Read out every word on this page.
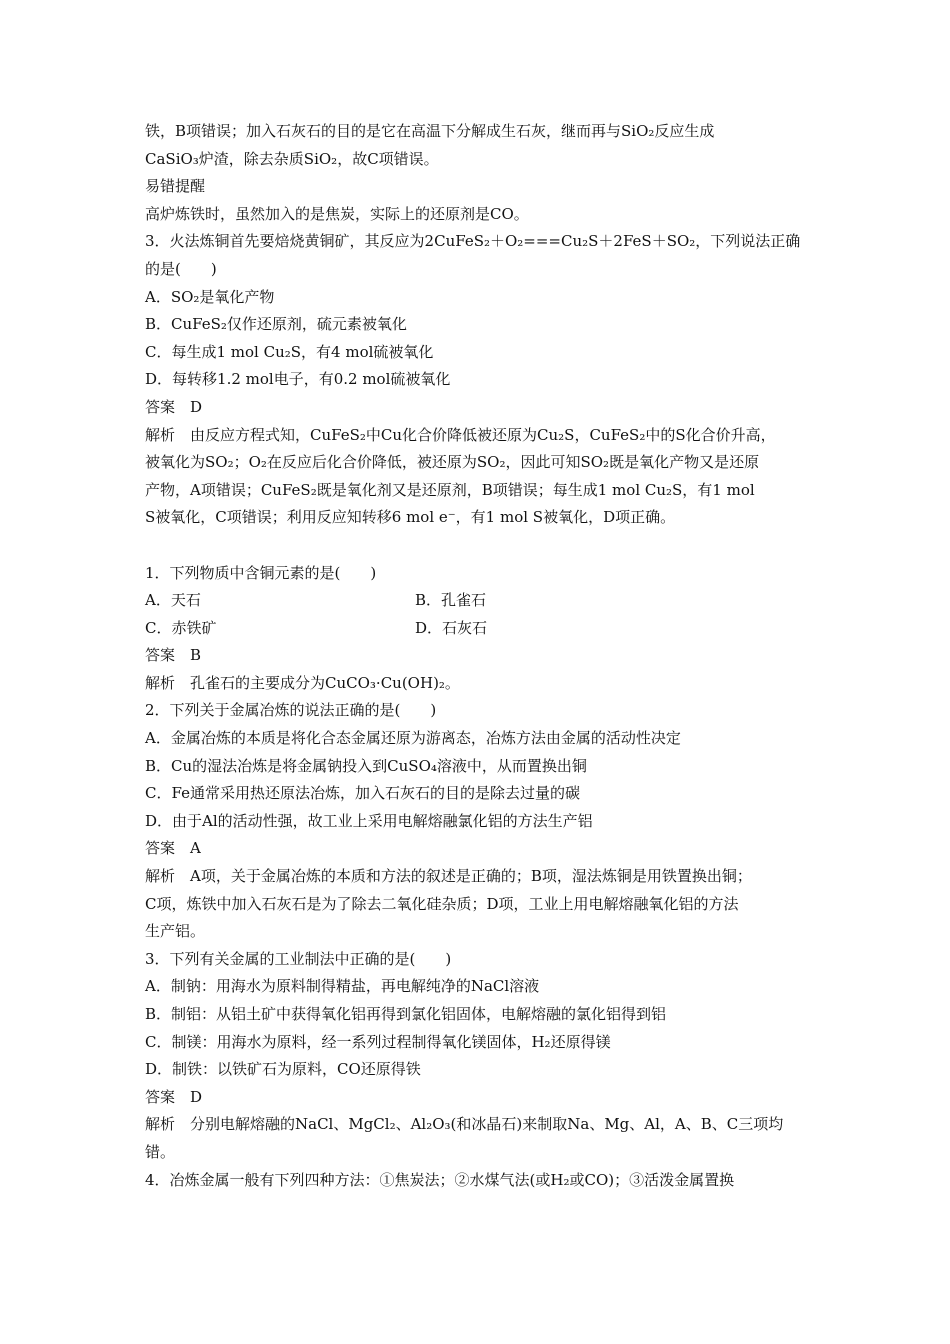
铁，B项错误；加入石灰石的目的是它在高温下分解成生石灰，继而再与SiO₂反应生成
CaSiO₃炉渣，除去杂质SiO₂，故C项错误。
易错提醒
高炉炼铁时，虽然加入的是焦炭，实际上的还原剂是CO。
3．火法炼铜首先要焙烧黄铜矿，其反应为2CuFeS₂＋O₂===Cu₂S＋2FeS＋SO₂，下列说法正确
的是(　　)
A．SO₂是氧化产物
B．CuFeS₂仅作还原剂，硫元素被氧化
C．每生成1 mol Cu₂S，有4 mol硫被氧化
D．每转移1.2 mol电子，有0.2 mol硫被氧化
答案　D
解析　由反应方程式知，CuFeS₂中Cu化合价降低被还原为Cu₂S，CuFeS₂中的S化合价升高，
被氧化为SO₂；O₂在反应后化合价降低，被还原为SO₂，因此可知SO₂既是氧化产物又是还原
产物，A项错误；CuFeS₂既是氧化剂又是还原剂，B项错误；每生成1 mol Cu₂S，有1 mol
S被氧化，C项错误；利用反应知转移6 mol e⁻，有1 mol S被氧化，D项正确。
1．下列物质中含铜元素的是(　　)
A．天石	B．孔雀石
C．赤铁矿	D．石灰石
答案　B
解析　孔雀石的主要成分为CuCO₃·Cu(OH)₂。
2．下列关于金属冶炼的说法正确的是(　　)
A．金属冶炼的本质是将化合态金属还原为游离态，冶炼方法由金属的活动性决定
B．Cu的湿法冶炼是将金属钠投入到CuSO₄溶液中，从而置换出铜
C．Fe通常采用热还原法冶炼，加入石灰石的目的是除去过量的碳
D．由于Al的活动性强，故工业上采用电解熔融氯化铝的方法生产铝
答案　A
解析　A项，关于金属冶炼的本质和方法的叙述是正确的；B项，湿法炼铜是用铁置换出铜；
C项，炼铁中加入石灰石是为了除去二氧化硅杂质；D项，工业上用电解熔融氧化铝的方法
生产铝。
3．下列有关金属的工业制法中正确的是(　　)
A．制钠：用海水为原料制得精盐，再电解纯净的NaCl溶液
B．制铝：从铝土矿中获得氧化铝再得到氯化铝固体，电解熔融的氯化铝得到铝
C．制镁：用海水为原料，经一系列过程制得氧化镁固体，H₂还原得镁
D．制铁：以铁矿石为原料，CO还原得铁
答案　D
解析　分别电解熔融的NaCl、MgCl₂、Al₂O₃(和冰晶石)来制取Na、Mg、Al，A、B、C三项均
错。
4．冶炼金属一般有下列四种方法：①焦炭法；②水煤气法(或H₂或CO)；③活泼金属置换
